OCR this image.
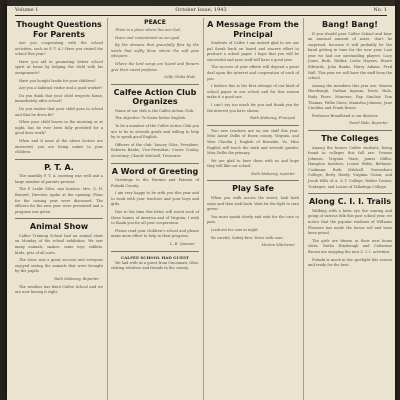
Volume 1
"The Voice of the Calfee School Student"
October Issue, 1943	No. 1
Thought Questions For Parents

Are you cooperating with the school activities, such as P. T. A.? Have you visited the school this year?

Have you aid in promoting better school spirit at home by helping the child with his assignments?

Have you bought books for your children?

Are you a habitual visitor and a good worker?

Do you think that your child respects home, immediately after school?

Do you realize that your child goes to school and that he dress fit?

When your child leaves in the morning or at night, has he ever been fully provided for a good does work?

When and if none of the above factors are answered, you are being unfair to your children.

P. T. A.

The monthly P. T. A. meeting was well and a large number of parents present.

The P. Leslie Giles, was hostess. Mrs. G. H. Barnett, Director, spoke at the opening. Plans for the coming year were discussed. The officers for the new year were presented and a program was given.

Animal Show

Calfee Training School had an animal show on Monday of the school exhibition. We saw many animals, snakes, some toys, rabbits, birds, pets of all sorts.

The show was a great success and everyone enjoyed seeing the animals that were brought by the pupils.

Ruth Mahoney, Reporter

The weather has fixed Calfee School and we are now having it right.

PEACE

There is a place where lies our God,

Peace and contentment as our goal.

By the streams that gracefully flow by the winds that softly blow, where the soft pine whispers.

Where the bird songs are heard and flowers give their sweet perfume.

Calfe Olidia Hale
Calfee Action Club Organizes

Name of our club is the Calfee Action Club.

The objective: To foster better English.

To be a member of the Calfee Action Club you are to be in seventh grade and willing to help by to speak good English.

Officers of the club: Yancey Giles, President; Roberta Banks, Vice-President; Carrie Conley, Secretary; Claude Mitchell, Treasurer.

A Word of Greeting

Greetings to the Parents and Patrons of Pulaski County.

I am very happy to be with you this year and to work with your teachers and your boys and girls.

Due to the time this letter will reach each of these homes of America and of Virginia, I wish to thank you for all your cooperation.

Please read your children's school and please make more effort to help in their progress.

L. B. Quesner
CALFEE SCHOOL HAD GUEST

We had with us a guest from Cincinnati, Ohio, visiting relatives and friends in the county.

A Message From the Principal

Students of Calfee I am indeed glad to see our pal Sarah back on board and sincere effort to produce a school paper. I hope that you will be successful and your staff will have a good year.

The success of your efforts will depend a great deal upon the interest and cooperation of each of you.

I believe this is the first attempt of our kind of school paper in our school and for this reason make it a good one.

I can't say too much for you and thank you for the interest you have shown.

Ruth Mahoney, Principal

Two new teachers are on our staff this year: Miss Annie Dellis of Essex county, Virginia, and Miss Claudia J. English of Roanoke, Va. Miss English will teach the sixth and seventh grades; Miss Dellis the primary.

We are glad to have them with us and hope they will like our school.

Ruth Mahoney, reporter
Play Safe

When you walk across the street, look both ways and then look back. Wait for the light to turn green.

You must speak slowly and wait for the cars to pass.

Look out for cars at night.

Be careful. Safety first. Drive with care.

Morton Mitchener
Bang! Bang!

If you should pass Calfee School and hear an unusual amount of noise, don't be surprised, because it will probably be the band getting in tune for the new year. Last year we had our outstanding players: Lucy Jones, Ruth, Walker, Leslie Haynes, Etawe Edwards, John Banks, Harry Adams, Fred Hall. This year we will have the staff from the school.

Among the members this year are: Marvin Hinebaugh, Nathan Ingram, Davis, Hale, Rudy Pines, Moneroe, Ray Sinclair, Don Thomas, Willie Gates, Mamolea Johnson, Jane Carolina and Frank Rosen.

Professor Broadhead is our director.

David Hale, Reporter
The Colleges

Among the former Calfee students, being found in colleges this fall are: Yvonne Johnson, Virginia State; James Miller, Hampton Institute; Louise Webb, Bethune-Cookman; Ruth Mitchell, Greensboro College; Betty Hardy, Virginia Union; and Jacob Wills of A. & T. College; Walter Turner, Tuskegee, and Louise of Talladega College.

Along C. I. I. Trails

Walking with a keen eye the coming and going of various folk this past school year, we notice that the popular students of Williams Pleasure has made the honor roll and have been proud.

The girls are fitness in their new home clubs. Rutha Hinebaugh and Catherine Brown are enjoying the new C. I. I. activities.

Pulaski is much in the spotlight this season and ready for the best.
